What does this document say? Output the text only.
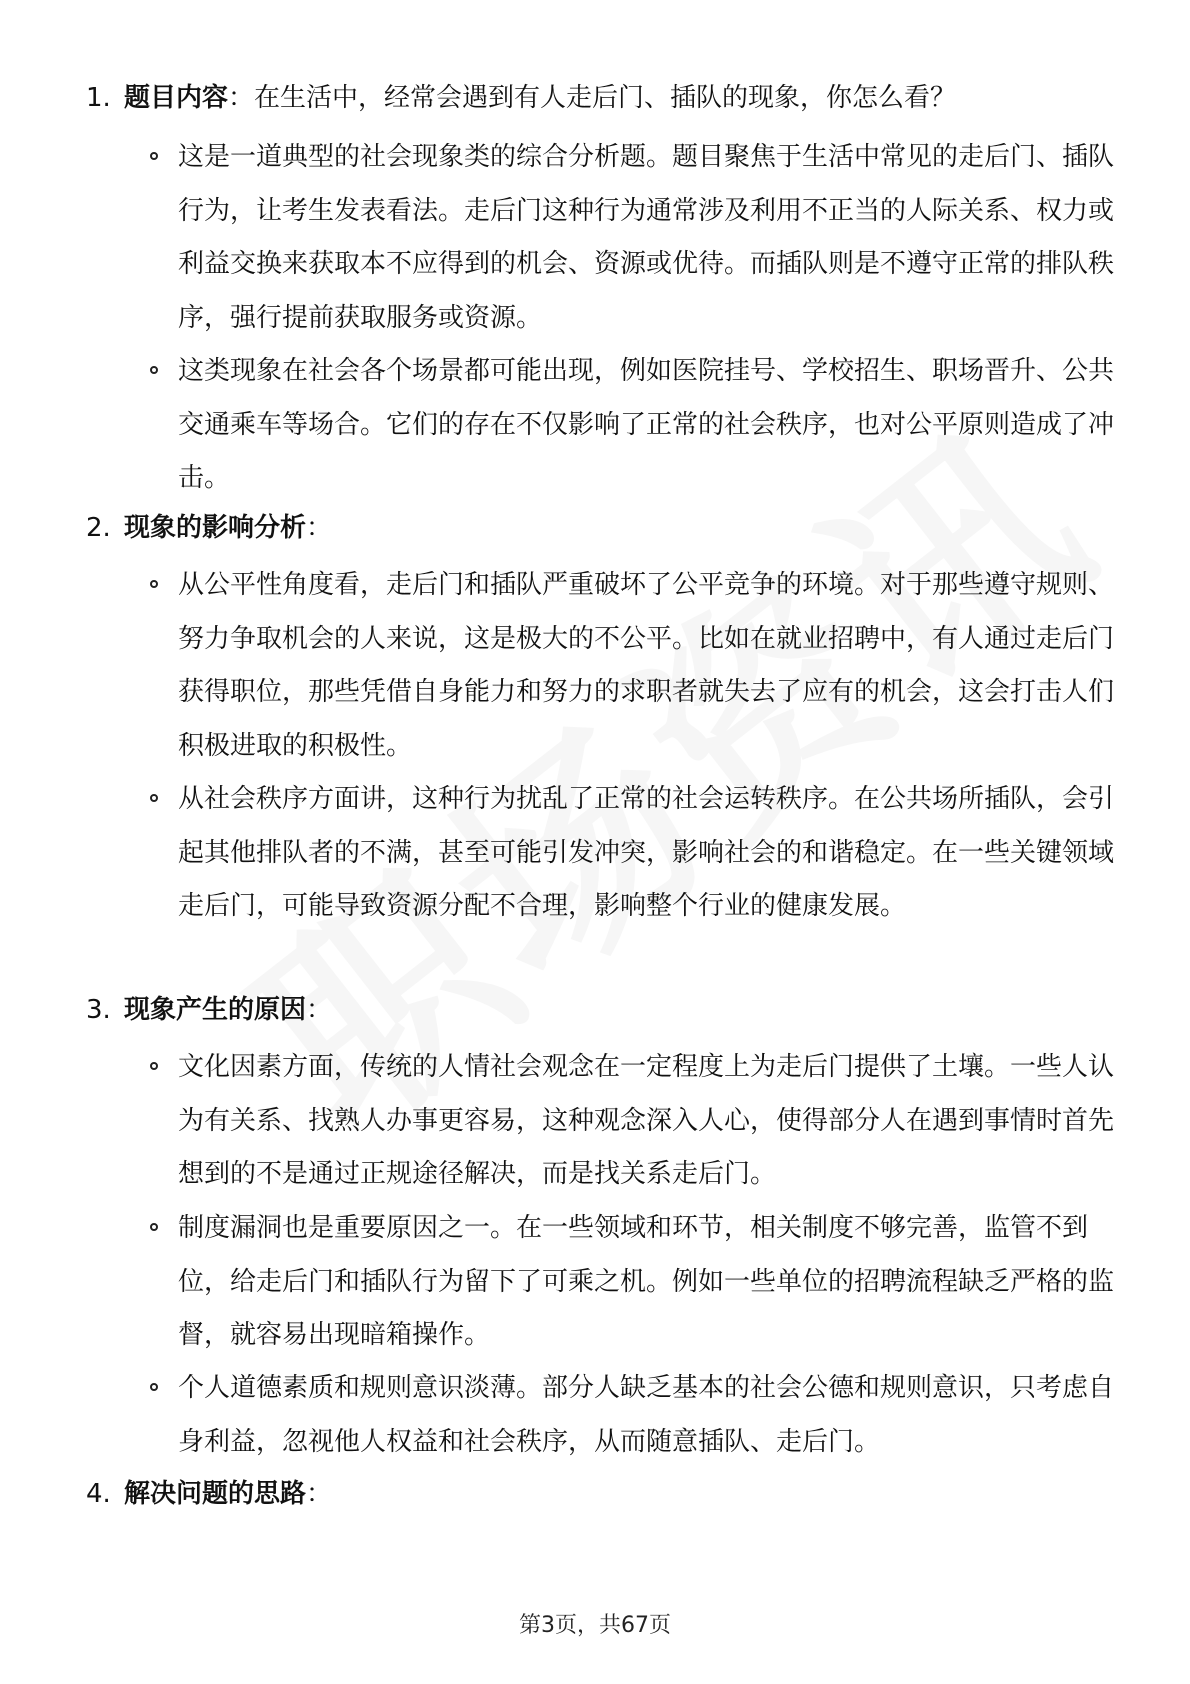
1. 题目内容：在生活中，经常会遇到有人走后门、插队的现象，你怎么看？
这是一道典型的社会现象类的综合分析题。题目聚焦于生活中常见的走后门、插队行为，让考生发表看法。走后门这种行为通常涉及利用不正当的人际关系、权力或利益交换来获取本不应得到的机会、资源或优待。而插队则是不遵守正常的排队秩序，强行提前获取服务或资源。
这类现象在社会各个场景都可能出现，例如医院挂号、学校招生、职场晋升、公共交通乘车等场合。它们的存在不仅影响了正常的社会秩序，也对公平原则造成了冲击。
2. 现象的影响分析：
从公平性角度看，走后门和插队严重破坏了公平竞争的环境。对于那些遵守规则、努力争取机会的人来说，这是极大的不公平。比如在就业招聘中，有人通过走后门获得职位，那些凭借自身能力和努力的求职者就失去了应有的机会，这会打击人们积极进取的积极性。
从社会秩序方面讲，这种行为扰乱了正常的社会运转秩序。在公共场所插队，会引起其他排队者的不满，甚至可能引发冲突，影响社会的和谐稳定。在一些关键领域走后门，可能导致资源分配不合理，影响整个行业的健康发展。
3. 现象产生的原因：
文化因素方面，传统的人情社会观念在一定程度上为走后门提供了土壤。一些人认为有关系、找熟人办事更容易，这种观念深入人心，使得部分人在遇到事情时首先想到的不是通过正规途径解决，而是找关系走后门。
制度漏洞也是重要原因之一。在一些领域和环节，相关制度不够完善，监管不到位，给走后门和插队行为留下了可乘之机。例如一些单位的招聘流程缺乏严格的监督，就容易出现暗箱操作。
个人道德素质和规则意识淡薄。部分人缺乏基本的社会公德和规则意识，只考虑自身利益，忽视他人权益和社会秩序，从而随意插队、走后门。
4. 解决问题的思路：
第3页，共67页
